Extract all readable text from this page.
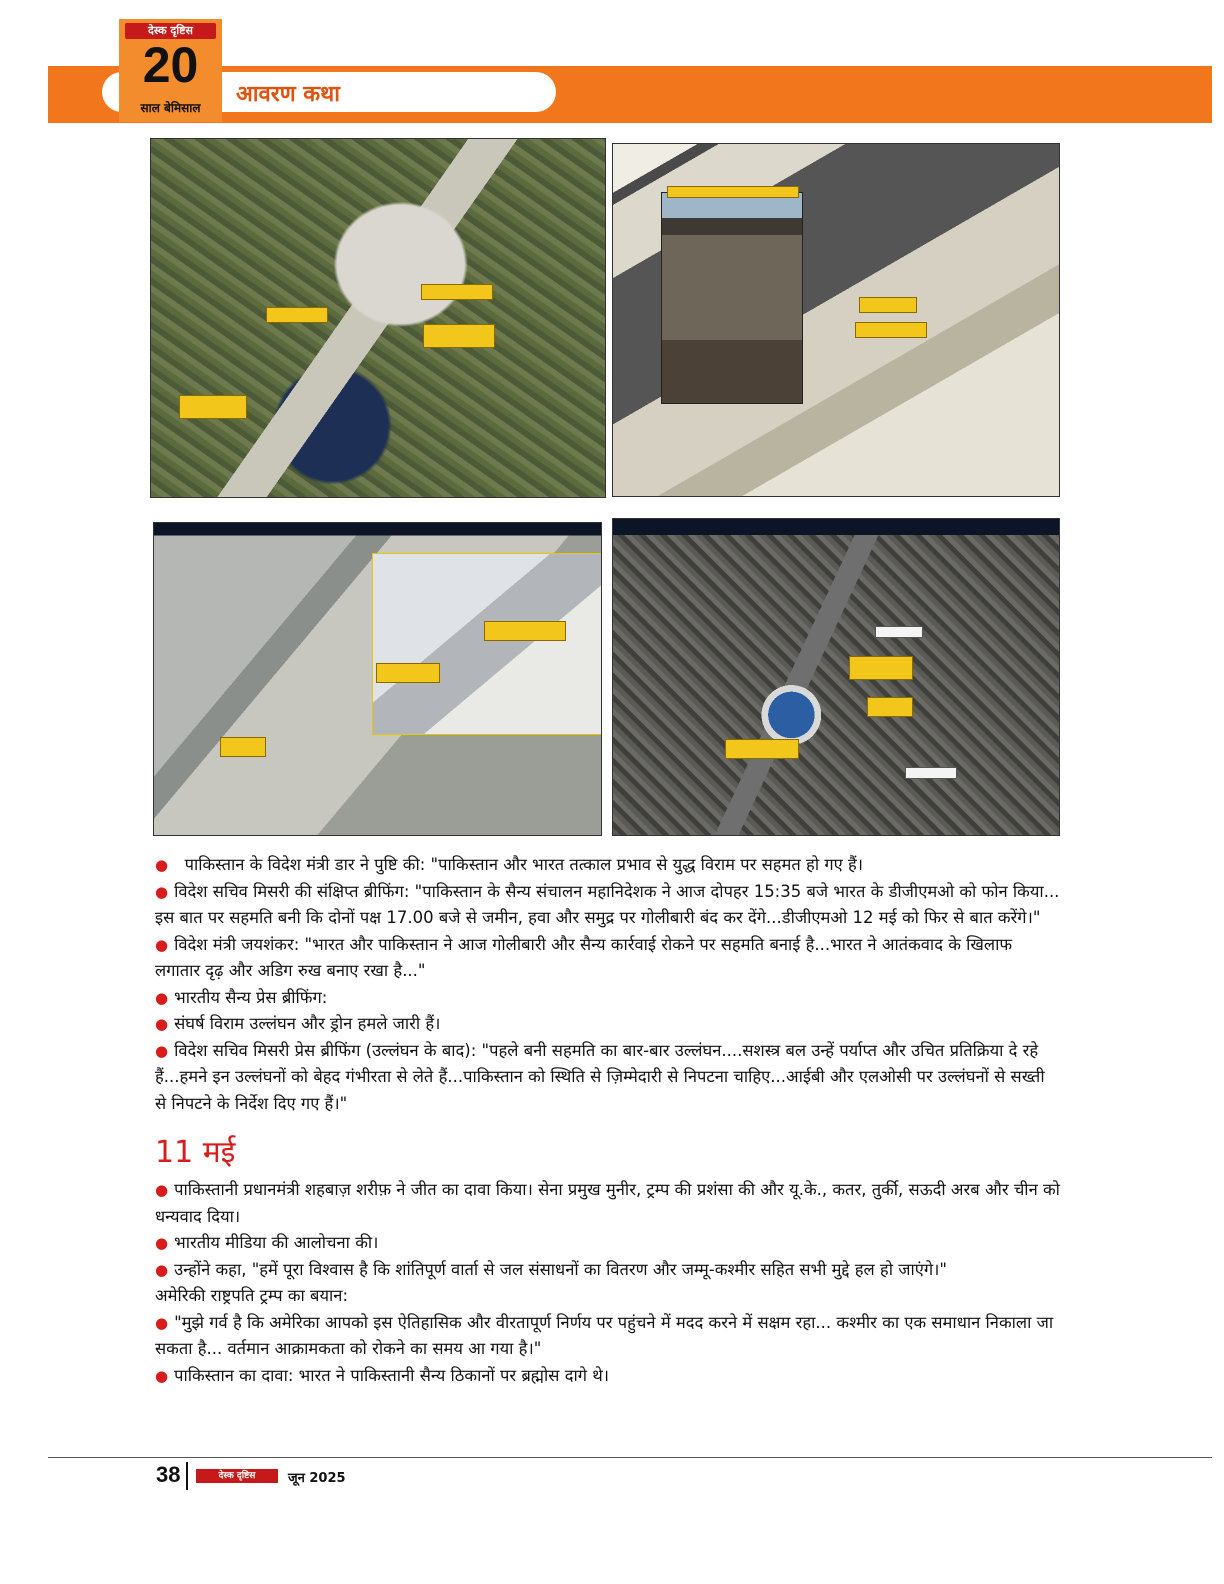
आवरण कथा
देस्क दृष्टिस
20
साल बेमिसाल

● पाकिस्तान के विदेश मंत्री डार ने पुष्टि की: "पाकिस्तान और भारत तत्काल प्रभाव से युद्ध विराम पर सहमत हो गए हैं।

● विदेश सचिव मिसरी की संक्षिप्त ब्रीफिंग: "पाकिस्तान के सैन्य संचालन महानिदेशक ने आज दोपहर 15:35 बजे भारत के डीजीएमओ को फोन किया... इस बात पर सहमति बनी कि दोनों पक्ष 17.00 बजे से जमीन, हवा और समुद्र पर गोलीबारी बंद कर देंगे...डीजीएमओ 12 मई को फिर से बात करेंगे।"

● विदेश मंत्री जयशंकर: "भारत और पाकिस्तान ने आज गोलीबारी और सैन्य कार्रवाई रोकने पर सहमति बनाई है...भारत ने आतंकवाद के खिलाफ लगातार दृढ़ और अडिग रुख बनाए रखा है..."

● भारतीय सैन्य प्रेस ब्रीफिंग:

● संघर्ष विराम उल्लंघन और ड्रोन हमले जारी हैं।

● विदेश सचिव मिसरी प्रेस ब्रीफिंग (उल्लंघन के बाद): "पहले बनी सहमति का बार-बार उल्लंघन....सशस्त्र बल उन्हें पर्याप्त और उचित प्रतिक्रिया दे रहे हैं...हमने इन उल्लंघनों को बेहद गंभीरता से लेते हैं...पाकिस्तान को स्थिति से ज़िम्मेदारी से निपटना चाहिए...आईबी और एलओसी पर उल्लंघनों से सख्ती से निपटने के निर्देश दिए गए हैं।"

11 मई

● पाकिस्तानी प्रधानमंत्री शहबाज़ शरीफ़ ने जीत का दावा किया। सेना प्रमुख मुनीर, ट्रम्प की प्रशंसा की और यू.के., कतर, तुर्की, सऊदी अरब और चीन को धन्यवाद दिया।

● भारतीय मीडिया की आलोचना की।

● उन्होंने कहा, "हमें पूरा विश्वास है कि शांतिपूर्ण वार्ता से जल संसाधनों का वितरण और जम्मू-कश्मीर सहित सभी मुद्दे हल हो जाएंगे।"

अमेरिकी राष्ट्रपति ट्रम्प का बयान:

● "मुझे गर्व है कि अमेरिका आपको इस ऐतिहासिक और वीरतापूर्ण निर्णय पर पहुंचने में मदद करने में सक्षम रहा... कश्मीर का एक समाधान निकाला जा सकता है... वर्तमान आक्रामकता को रोकने का समय आ गया है।"

● पाकिस्तान का दावा: भारत ने पाकिस्तानी सैन्य ठिकानों पर ब्रह्मोस दागे थे।

38	देस्क दृष्टिस	जून 2025
